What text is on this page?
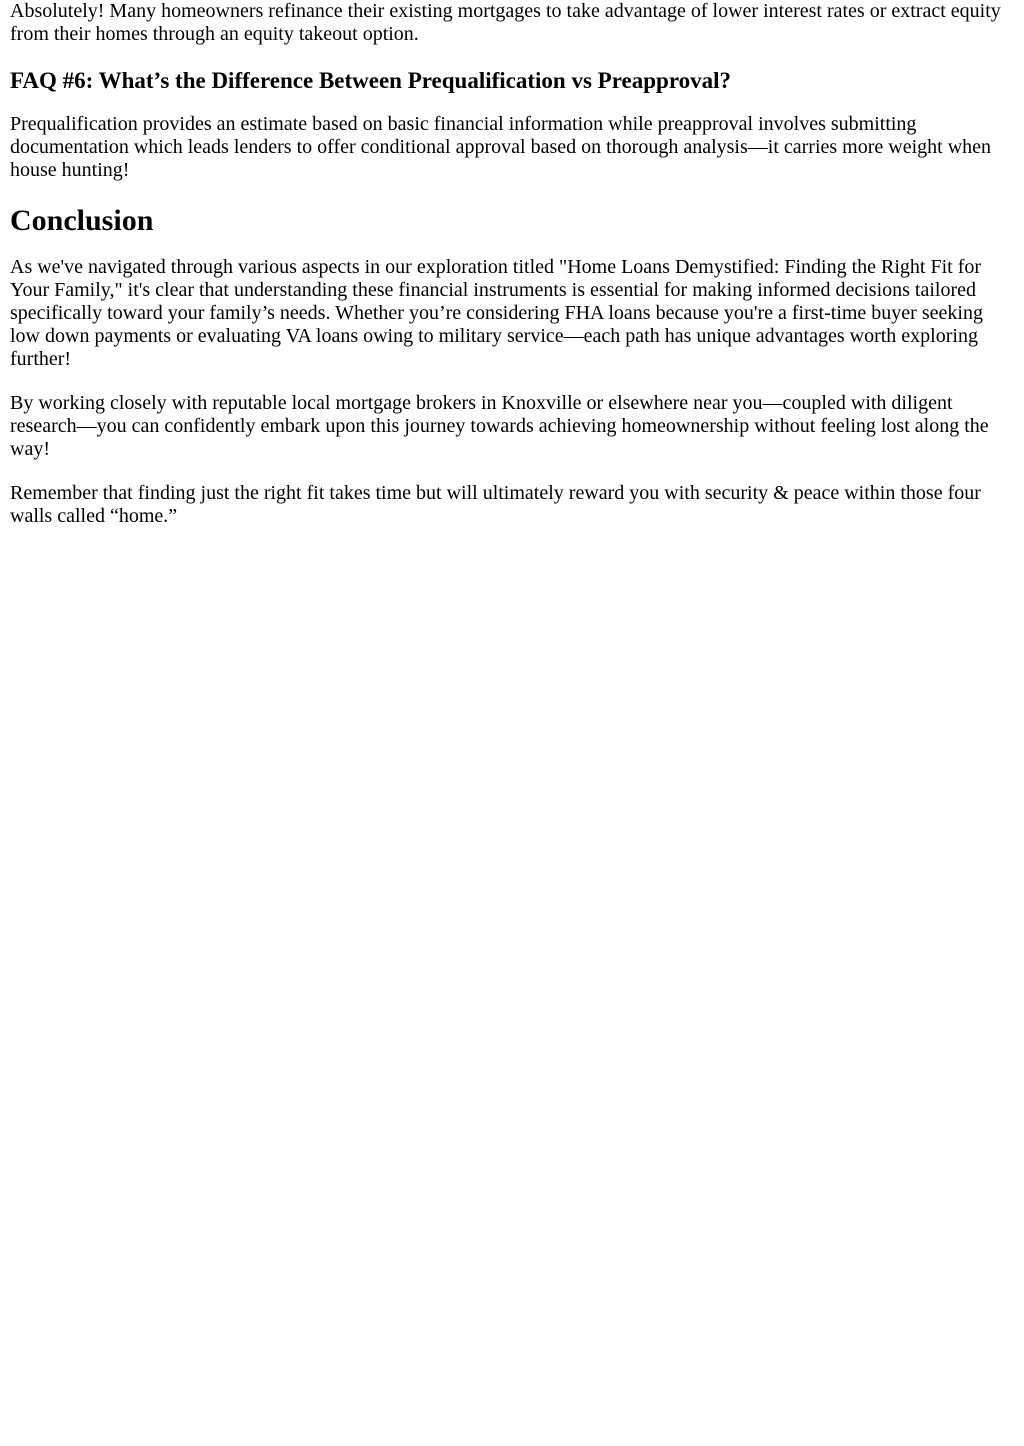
Absolutely! Many homeowners refinance their existing mortgages to take advantage of lower interest rates or extract equity from their homes through an equity takeout option.

FAQ #6: What’s the Difference Between Prequalification vs Preapproval?

Prequalification provides an estimate based on basic financial information while preapproval involves submitting documentation which leads lenders to offer conditional approval based on thorough analysis—it carries more weight when house hunting!

Conclusion

As we've navigated through various aspects in our exploration titled "Home Loans Demystified: Finding the Right Fit for Your Family," it's clear that understanding these financial instruments is essential for making informed decisions tailored specifically toward your family’s needs. Whether you’re considering FHA loans because you're a first-time buyer seeking low down payments or evaluating VA loans owing to military service—each path has unique advantages worth exploring further!

By working closely with reputable local mortgage brokers in Knoxville or elsewhere near you—coupled with diligent research—you can confidently embark upon this journey towards achieving homeownership without feeling lost along the way!

Remember that finding just the right fit takes time but will ultimately reward you with security & peace within those four walls called “home.”
